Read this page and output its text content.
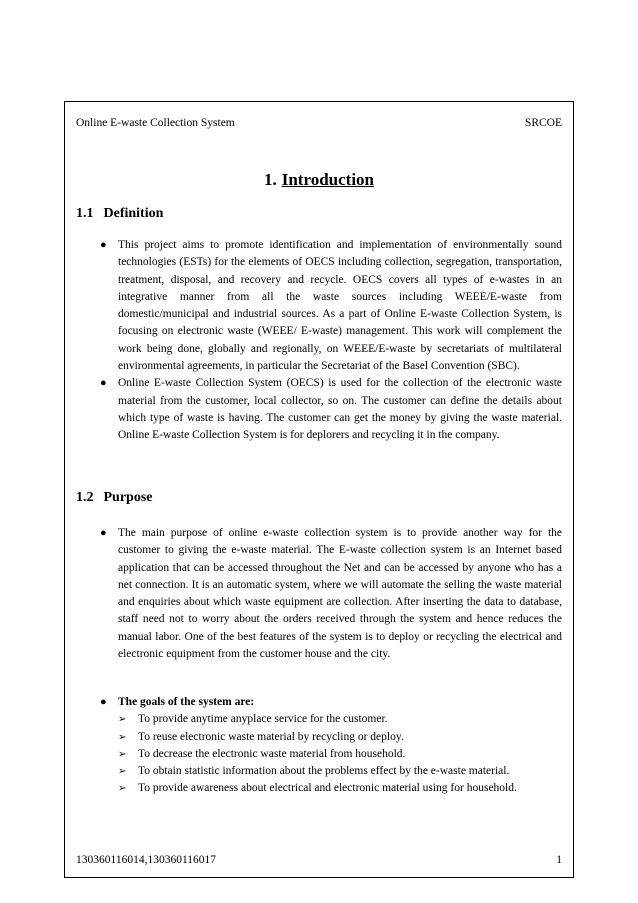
Online E-waste Collection System	SRCOE
1. Introduction
1.1 Definition
● This project aims to promote identification and implementation of environmentally sound technologies (ESTs) for the elements of OECS including collection, segregation, transportation, treatment, disposal, and recovery and recycle. OECS covers all types of e-wastes in an integrative manner from all the waste sources including WEEE/E-waste from domestic/municipal and industrial sources. As a part of Online E-waste Collection System, is focusing on electronic waste (WEEE/ E-waste) management. This work will complement the work being done, globally and regionally, on WEEE/E-waste by secretariats of multilateral environmental agreements, in particular the Secretariat of the Basel Convention (SBC).
● Online E-waste Collection System (OECS) is used for the collection of the electronic waste material from the customer, local collector, so on. The customer can define the details about which type of waste is having. The customer can get the money by giving the waste material. Online E-waste Collection System is for deplorers and recycling it in the company.
1.2 Purpose
● The main purpose of online e-waste collection system is to provide another way for the customer to giving the e-waste material. The E-waste collection system is an Internet based application that can be accessed throughout the Net and can be accessed by anyone who has a net connection. It is an automatic system, where we will automate the selling the waste material and enquiries about which waste equipment are collection. After inserting the data to database, staff need not to worry about the orders received through the system and hence reduces the manual labor. One of the best features of the system is to deploy or recycling the electrical and electronic equipment from the customer house and the city.
● The goals of the system are:
➢ To provide anytime anyplace service for the customer.
➢ To reuse electronic waste material by recycling or deploy.
➢ To decrease the electronic waste material from household.
➢ To obtain statistic information about the problems effect by the e-waste material.
➢ To provide awareness about electrical and electronic material using for household.
130360116014,130360116017	1
